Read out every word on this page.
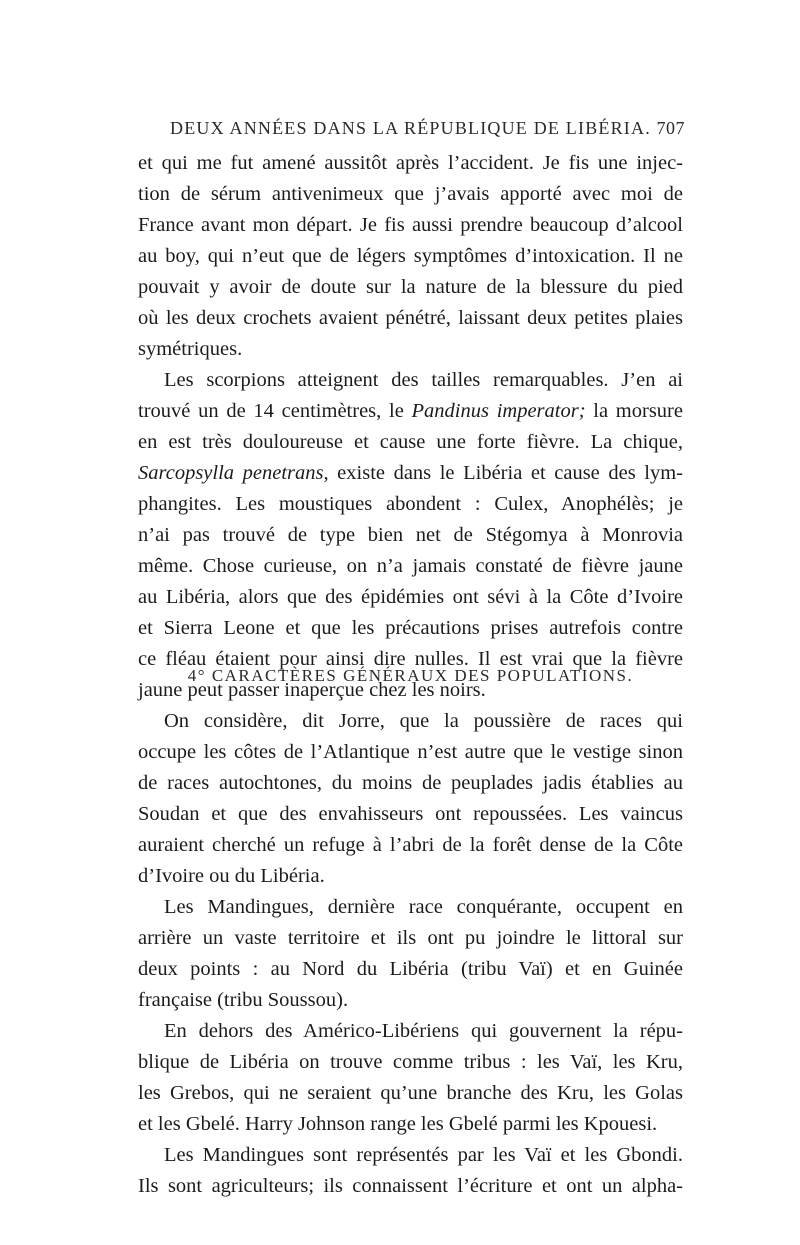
DEUX ANNÉES DANS LA RÉPUBLIQUE DE LIBÉRIA. 707

et qui me fut amené aussitôt après l’accident. Je fis une injec-
tion de sérum antivenimeux que j’avais apporté avec moi de
France avant mon départ. Je fis aussi prendre beaucoup d’alcool
au boy, qui n’eut que de légers symptômes d’intoxication. Il ne
pouvait y avoir de doute sur la nature de la blessure du pied
où les deux crochets avaient pénétré, laissant deux petites plaies
symétriques.

Les scorpions atteignent des tailles remarquables. J’en ai
trouvé un de 14 centimètres, le Pandinus imperator; la morsure
en est très douloureuse et cause une forte fièvre. La chique,
Sarcopsylla penetrans, existe dans le Libéria et cause des lym-
phangites. Les moustiques abondent : Culex, Anophélès; je
n’ai pas trouvé de type bien net de Stégomya à Monrovia
même. Chose curieuse, on n’a jamais constaté de fièvre jaune
au Libéria, alors que des épidémies ont sévi à la Côte d’Ivoire
et Sierra Leone et que les précautions prises autrefois contre
ce fléau étaient pour ainsi dire nulles. Il est vrai que la fièvre
jaune peut passer inaperçue chez les noirs.

4° CARACTÈRES GÉNÉRAUX DES POPULATIONS.

On considère, dit Jorre, que la poussière de races qui
occupe les côtes de l’Atlantique n’est autre que le vestige sinon
de races autochtones, du moins de peuplades jadis établies au
Soudan et que des envahisseurs ont repoussées. Les vaincus
auraient cherché un refuge à l’abri de la forêt dense de la Côte
d’Ivoire ou du Libéria.

Les Mandingues, dernière race conquérante, occupent en
arrière un vaste territoire et ils ont pu joindre le littoral sur
deux points : au Nord du Libéria (tribu Vaï) et en Guinée
française (tribu Soussou).

En dehors des Américo-Libériens qui gouvernent la répu-
blique de Libéria on trouve comme tribus : les Vaï, les Kru,
les Grebos, qui ne seraient qu’une branche des Kru, les Golas
et les Gbelé. Harry Johnson range les Gbelé parmi les Kpouesi.

Les Mandingues sont représentés par les Vaï et les Gbondi.
Ils sont agriculteurs; ils connaissent l’écriture et ont un alpha-
